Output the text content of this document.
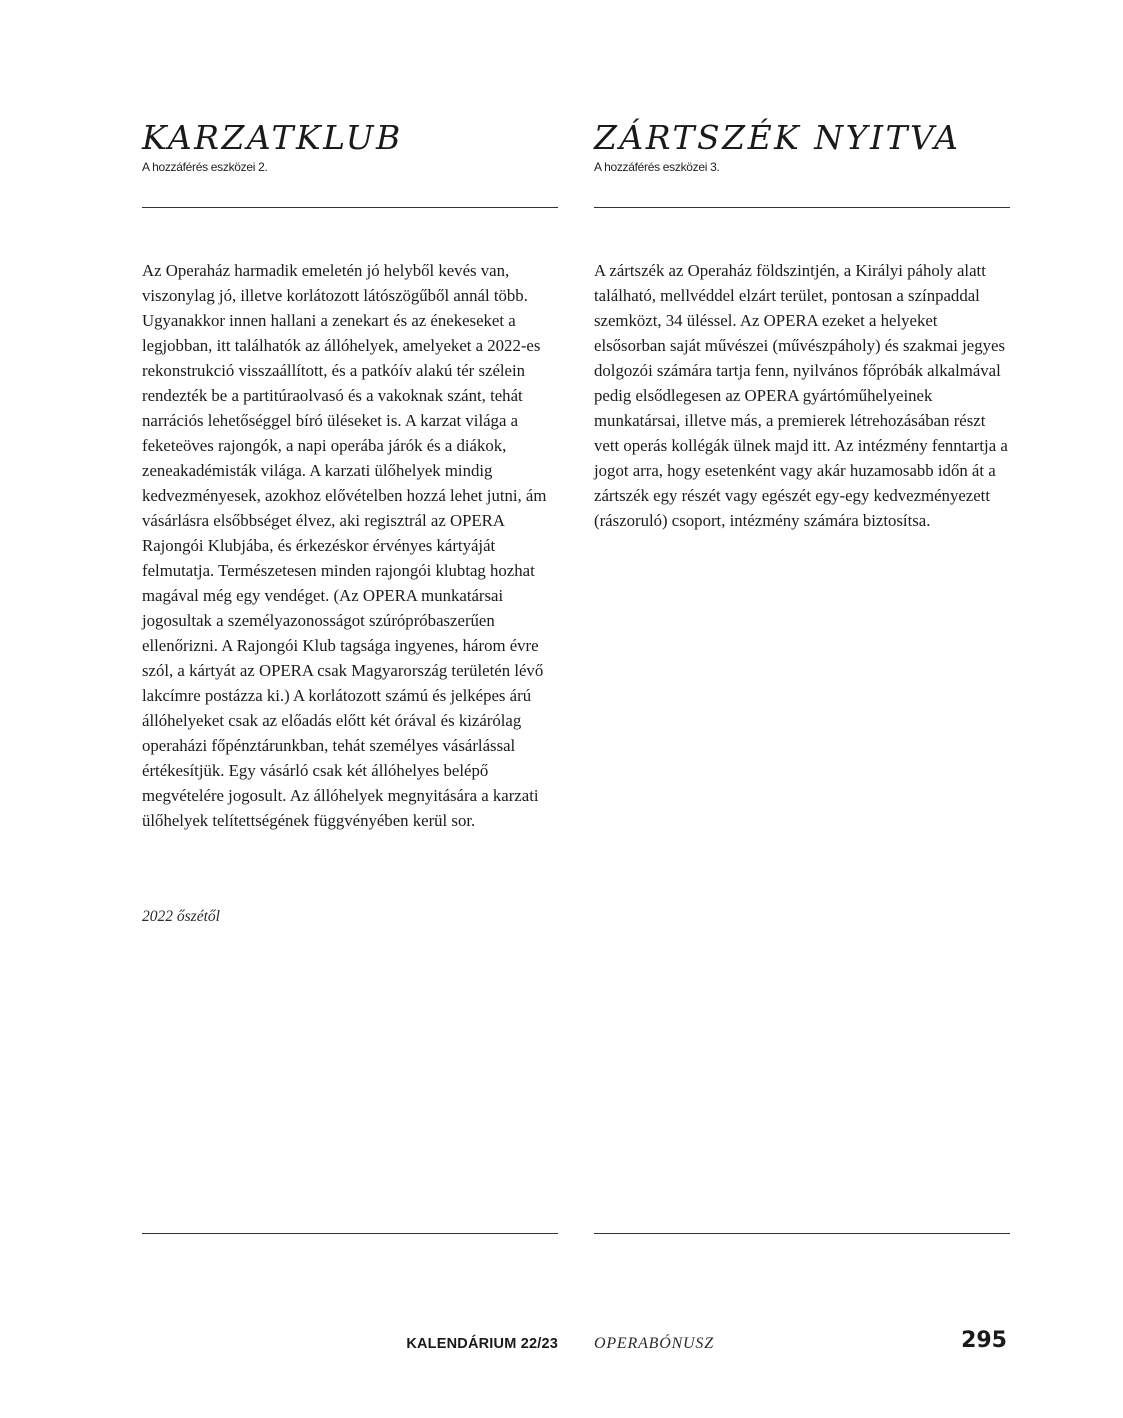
KARZATKLUB

A hozzáférés eszközei 2.

Az Operaház harmadik emeletén jó helyből kevés van, viszonylag jó, illetve korlátozott látószögűből annál több. Ugyanakkor innen hallani a zenekart és az énekeseket a legjobban, itt találhatók az állóhelyek, amelyeket a 2022-es rekonstrukció visszaállított, és a patkóív alakú tér szélein rendezték be a partitúraolvasó és a vakoknak szánt, tehát narrációs lehetőséggel bíró üléseket is. A karzat világa a feketeöves rajongók, a napi operába járók és a diákok, zeneakadémisták világa. A karzati ülőhelyek mindig kedvezményesek, azokhoz elővételben hozzá lehet jutni, ám vásárlásra elsőbbséget élvez, aki regisztrál az OPERA Rajongói Klubjába, és érkezéskor érvényes kártyáját felmutatja. Természetesen minden rajongói klubtag hozhat magával még egy vendéget. (Az OPERA munkatársai jogosultak a személyazonosságot szúrópróbaszerűen ellenőrizni. A Rajongói Klub tagsága ingyenes, három évre szól, a kártyát az OPERA csak Magyarország területén lévő lakcímre postázza ki.) A korlátozott számú és jelképes árú állóhelyeket csak az előadás előtt két órával és kizárólag operaházi főpénztárunkban, tehát személyes vásárlással értékesítjük. Egy vásárló csak két állóhelyes belépő megvételére jogosult. Az állóhelyek megnyitására a karzati ülőhelyek telítettségének függvényében kerül sor.

2022 őszétől

ZÁRTSZÉK NYITVA

A hozzáférés eszközei 3.

A zártszék az Operaház földszintjén, a Királyi páholy alatt található, mellvéddel elzárt terület, pontosan a színpaddal szemközt, 34 üléssel. Az OPERA ezeket a helyeket elsősorban saját művészei (művészpáholy) és szakmai jegyes dolgozói számára tartja fenn, nyilvános főpróbák alkalmával pedig elsődlegesen az OPERA gyártóműhelyeinek munkatársai, illetve más, a premierek létrehozásában részt vett operás kollégák ülnek majd itt. Az intézmény fenntartja a jogot arra, hogy esetenként vagy akár huzamosabb időn át a zártszék egy részét vagy egészét egy-egy kedvezményezett (rászoruló) csoport, intézmény számára biztosítsa.

KALENDÁRIUM 22/23 OPERABÓNUSZ	295
